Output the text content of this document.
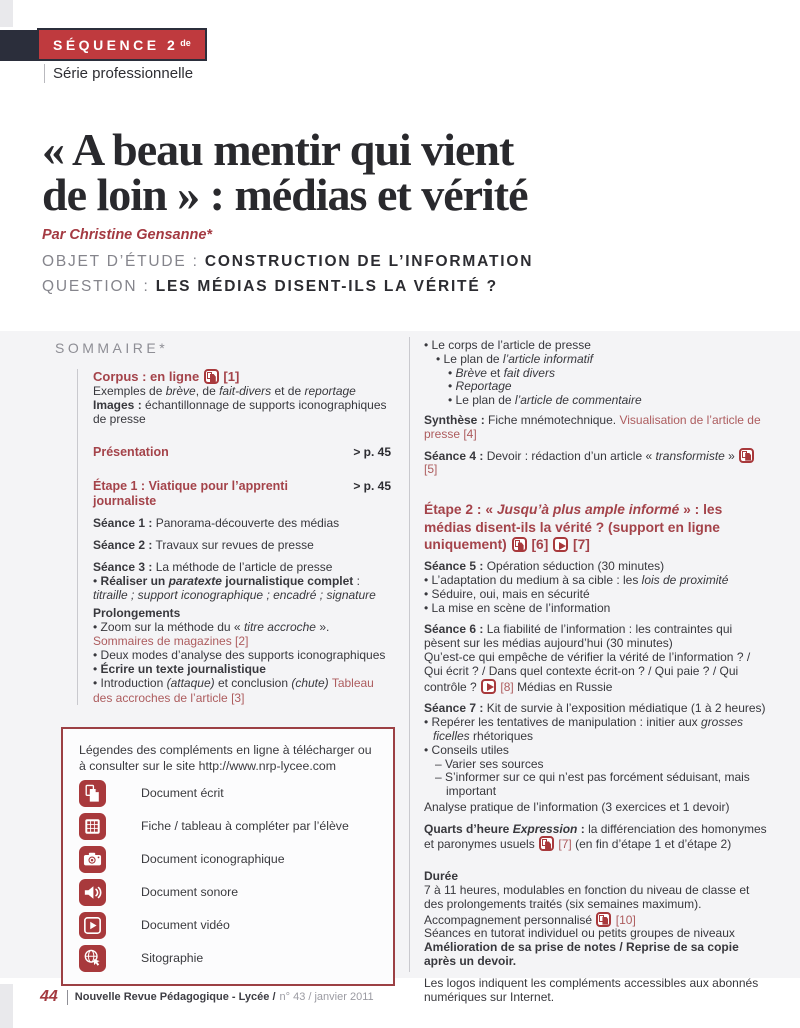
SÉQUENCE 2 de
Série professionnelle
« A beau mentir qui vient
de loin » : médias et vérité
Par Christine Gensanne*
OBJET D’ÉTUDE : CONSTRUCTION DE L’INFORMATION
QUESTION : LES MÉDIAS DISENT-ILS LA VÉRITÉ ?
SOMMAIRE*

Corpus : en ligne
[1]

Exemples de brève, de fait-divers et de reportage

Images : échantillonnage de supports iconographiques de presse

Présentation	> p. 45
Étape 1 : Viatique pour l’apprenti journaliste
> p. 45

Séance 1 : Panorama-découverte des médias

Séance 2 : Travaux sur revues de presse

Séance 3 : La méthode de l’article de presse

• Réaliser un paratexte journalistique complet : titraille ; support iconographique ; encadré ; signature

Prolongements

• Zoom sur la méthode du « titre accroche ». Sommaires de magazines [2]

• Deux modes d’analyse des supports iconographiques

• Écrire un texte journalistique

• Introduction (attaque) et conclusion (chute) Tableau des accroches de l’article [3]

Légendes des compléments en ligne à télécharger ou à consulter sur le site http://www.nrp-lycee.com
Document écrit
Fiche / tableau à compléter par l’élève
Document iconographique
Document sonore
Document vidéo
Sitographie

• Le corps de l’article de presse

• Le plan de l’article informatif

• Brève et fait divers

• Reportage

• Le plan de l’article de commentaire

Synthèse : Fiche mnémotechnique. Visualisation de l’article de presse [4]

Séance 4 : Devoir : rédaction d’un article « transformiste »
[5]

Étape 2 : « Jusqu’à plus ample informé » : les médias disent-ils la vérité ? (support en ligne uniquement)
[6]
[7]

Séance 5 : Opération séduction (30 minutes)

• L’adaptation du medium à sa cible : les lois de proximité

• Séduire, oui, mais en sécurité

• La mise en scène de l’information

Séance 6 : La fiabilité de l’information : les contraintes qui pèsent sur les médias aujourd’hui (30 minutes)

Qu’est-ce qui empêche de vérifier la vérité de l’information ? / Qui écrit ? / Dans quel contexte écrit-on ? / Qui paie ? / Qui contrôle ?
[8] Médias en Russie

Séance 7 : Kit de survie à l’exposition médiatique (1 à 2 heures)

• Repérer les tentatives de manipulation : initier aux grosses ficelles rhétoriques

• Conseils utiles

– Varier ses sources

– S’informer sur ce qui n’est pas forcément séduisant, mais important

Analyse pratique de l’information (3 exercices et 1 devoir)

Quarts d’heure Expression : la différenciation des homonymes et paronymes usuels
[7] (en fin d’étape 1 et d’étape 2)

Durée

7 à 11 heures, modulables en fonction du niveau de classe et des prolongements traités (six semaines maximum).

Accompagnement personnalisé
[10]

Séances en tutorat individuel ou petits groupes de niveaux

Amélioration de sa prise de notes / Reprise de sa copie après un devoir.

Les logos indiquent les compléments accessibles aux abonnés numériques sur Internet.

44 Nouvelle Revue Pédagogique - Lycée / n° 43 / janvier 2011
